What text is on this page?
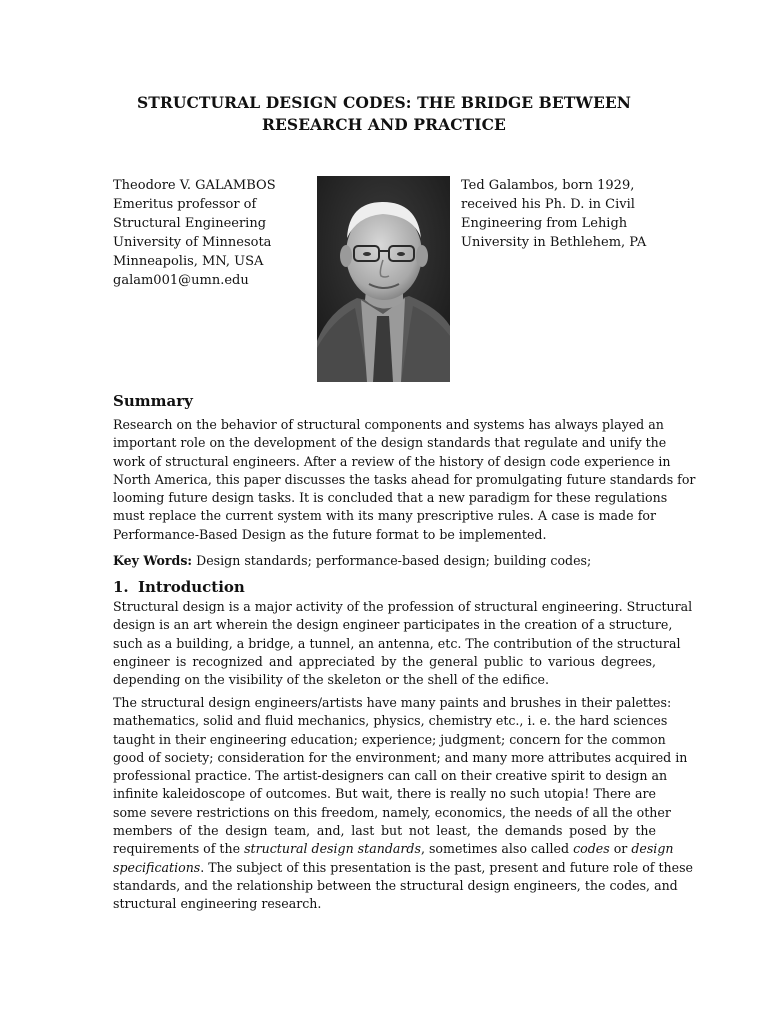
STRUCTURAL DESIGN CODES: THE BRIDGE BETWEEN
RESEARCH AND PRACTICE
Theodore V. GALAMBOS
Emeritus professor of
Structural Engineering
University of Minnesota
Minneapolis, MN, USA
galam001@umn.edu
Ted Galambos, born 1929,
received his Ph. D. in Civil
Engineering from Lehigh
University in Bethlehem, PA
Summary
Research on the behavior of structural components and systems has always played an
important role on the development of the design standards that regulate and unify the
work of structural engineers. After a review of the history of design code experience in
North America, this paper discusses the tasks ahead for promulgating future standards for
looming future design tasks. It is concluded that a new paradigm for these regulations
must replace the current system with its many prescriptive rules. A case is made for
Performance-Based Design as the future format to be implemented.
Key Words: Design standards; performance-based design; building codes;
1. Introduction
Structural design is a major activity of the profession of structural engineering. Structural
design is an art wherein the design engineer participates in the creation of a structure,
such as a building, a bridge, a tunnel, an antenna, etc. The contribution of the structural
engineer is recognized and appreciated by the general public to various degrees,
depending on the visibility of the skeleton or the shell of the edifice.
The structural design engineers/artists have many paints and brushes in their palettes:
mathematics, solid and fluid mechanics, physics, chemistry etc., i. e. the hard sciences
taught in their engineering education; experience; judgment; concern for the common
good of society; consideration for the environment; and many more attributes acquired in
professional practice. The artist-designers can call on their creative spirit to design an
infinite kaleidoscope of outcomes. But wait, there is really no such utopia! There are
some severe restrictions on this freedom, namely, economics, the needs of all the other
members of the design team, and, last but not least, the demands posed by the
requirements of the structural design standards, sometimes also called codes or design
specifications. The subject of this presentation is the past, present and future role of these
standards, and the relationship between the structural design engineers, the codes, and
structural engineering research.
